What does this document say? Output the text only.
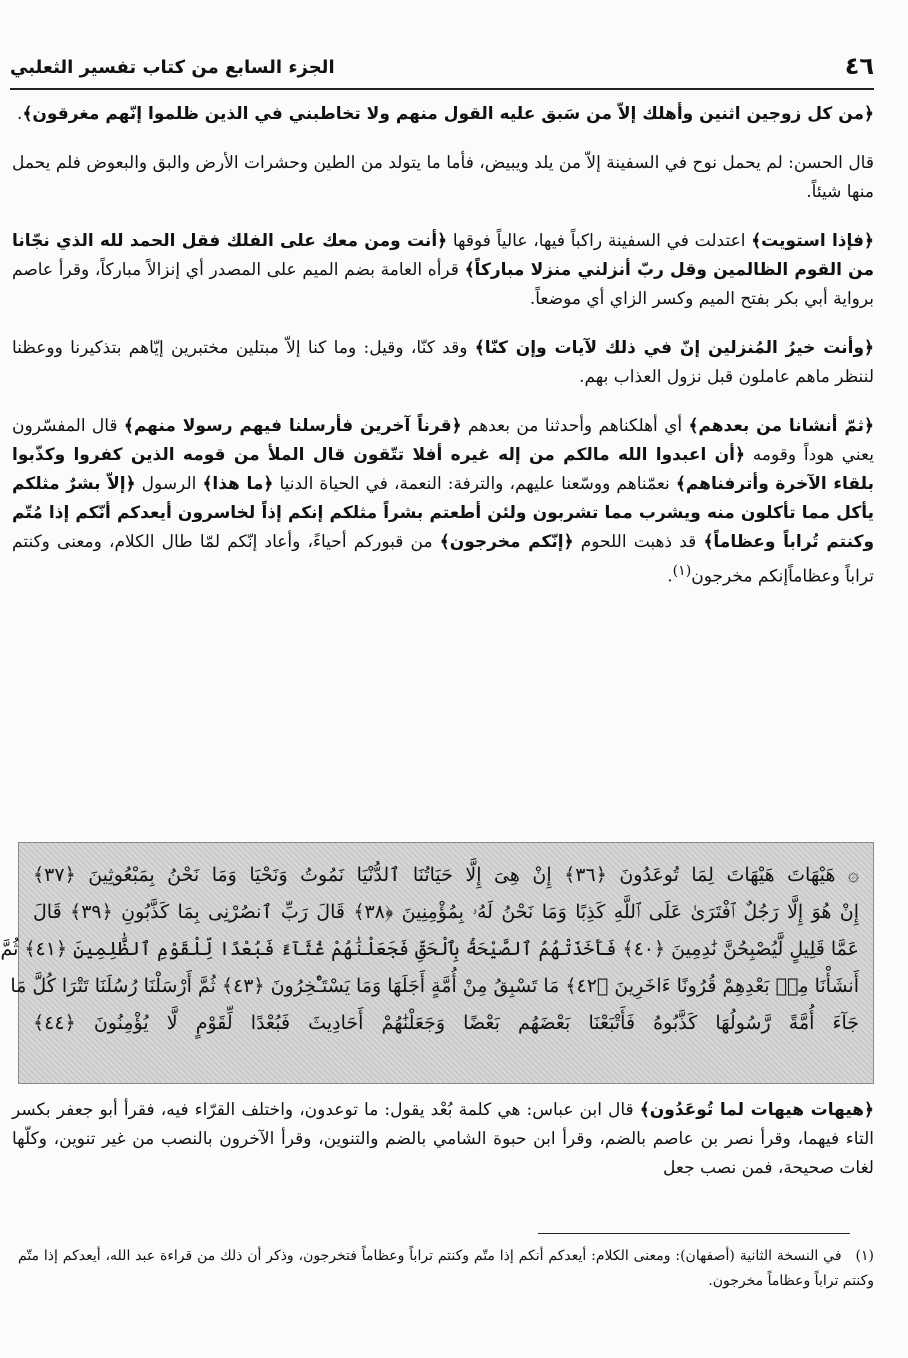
٤٦
الجزء السابع من كتاب تفسير الثعلبي

﴿من كل زوجين اثنين وأهلك إلاّ من سَبق عليه القول منهم ولا تخاطبني في الذين ظلموا إنّهم مغرقون﴾.

قال الحسن: لم يحمل نوح في السفينة إلاّ من يلد ويبيض، فأما ما يتولد من الطين وحشرات الأرض والبق والبعوض فلم يحمل منها شيئاً.

﴿فإذا استويت﴾ اعتدلت في السفينة راكباً فيها، عالياً فوقها ﴿أنت ومن معك على الفلك فقل الحمد لله الذي نجّانا من القوم الظالمين وقل ربّ أنزلني منزلا مباركاً﴾ قرأه العامة بضم الميم على المصدر أي إنزالاً مباركاً، وقرأ عاصم برواية أبي بكر بفتح الميم وكسر الزاي أي موضعاً.

﴿وأنت خيرُ المُنزلين إنّ في ذلك لآيات وإن كنّا﴾ وقد كنّا، وقيل: وما كنا إلاّ مبتلين مختبرين إيّاهم بتذكيرنا ووعظنا لننظر ماهم عاملون قبل نزول العذاب بهم.

﴿ثمّ أنشانا من بعدهم﴾ أي أهلكناهم وأحدثنا من بعدهم ﴿قرناً آخرين فأرسلنا فيهم رسولا منهم﴾ قال المفسّرون يعني هوداً وقومه ﴿أن اعبدوا الله مالكم من إله غيره أفلا تتّقون قال الملأ من قومه الذين كفروا وكذّبوا بلقاء الآخرة وأترفناهم﴾ نعمّناهم ووسّعنا عليهم، والترفة: النعمة، في الحياة الدنيا ﴿ما هذا﴾ الرسول ﴿إلاّ بشرٌ مثلكم يأكل مما تأكلون منه ويشرب مما تشربون ولئن أطعتم بشراً مثلكم إنكم إذاً لخاسرون أيعدكم أنّكم إذا مُتّم وكنتم تُراباً وعظاماً﴾ قد ذهبت اللحوم ﴿إنّكم مخرجون﴾ من قبوركم أحياءً، وأعاد إنّكم لمّا طال الكلام، ومعنى وكنتم تراباً وعظاماًإنكم مخرجون$^{(١)}$.

۞ هَيْهَاتَ هَيْهَاتَ لِمَا تُوعَدُونَ ﴿٣٦﴾ إِنْ هِىَ إِلَّا حَيَاتُنَا ٱلدُّنْيَا نَمُوتُ وَنَحْيَا وَمَا نَحْنُ بِمَبْعُوثِينَ ﴿٣٧﴾
إِنْ هُوَ إِلَّا رَجُلٌ ٱفْتَرَىٰ عَلَى ٱللَّهِ كَذِبًا وَمَا نَحْنُ لَهُۥ بِمُؤْمِنِينَ ﴿٣٨﴾ قَالَ رَبِّ ٱنصُرْنِى بِمَا كَذَّبُونِ ﴿٣٩﴾ قَالَ
عَمَّا قَلِيلٍ لَّيُصْبِحُنَّ نَٰدِمِينَ ﴿٤٠﴾ فَأَخَذَتْهُمُ ٱلصَّيْحَةُ بِٱلْحَقِّ فَجَعَلْنَٰهُمْ غُثَآءً فَبُعْدًا لِّلْقَوْمِ ٱلظَّٰلِمِينَ ﴿٤١﴾ ثُمَّ
أَنشَأْنَا مِنۢ بَعْدِهِمْ قُرُونًا ءَاخَرِينَ ﴿٤٢﴾ مَا تَسْبِقُ مِنْ أُمَّةٍ أَجَلَهَا وَمَا يَسْتَـْٔخِرُونَ ﴿٤٣﴾ ثُمَّ أَرْسَلْنَا رُسُلَنَا تَتْرَا كُلَّ مَا
جَآءَ أُمَّةً رَّسُولُهَا كَذَّبُوهُ فَأَتْبَعْنَا بَعْضَهُم بَعْضًا وَجَعَلْنَٰهُمْ أَحَادِيثَ فَبُعْدًا لِّقَوْمٍ لَّا يُؤْمِنُونَ ﴿٤٤﴾

﴿هيهات هيهات لما تُوعَدُون﴾ قال ابن عباس: هي كلمة بُعْد يقول: ما توعدون، واختلف القرّاء فيه، فقرأ أبو جعفر بكسر التاء فيهما، وقرأ نصر بن عاصم بالضم، وقرأ ابن حبوة الشامي بالضم والتنوين، وقرأ الآخرون بالنصب من غير تنوين، وكلّها لغات صحيحة، فمن نصب جعل

(١)في النسخة الثانية (أصفهان): ومعنى الكلام: أيعدكم أنكم إذا متّم وكنتم تراباً وعظاماً فتخرجون، وذكر أن ذلك من قراءة عبد الله، أيعدكم إذا متّم وكنتم تراباً وعظاماً مخرجون.
